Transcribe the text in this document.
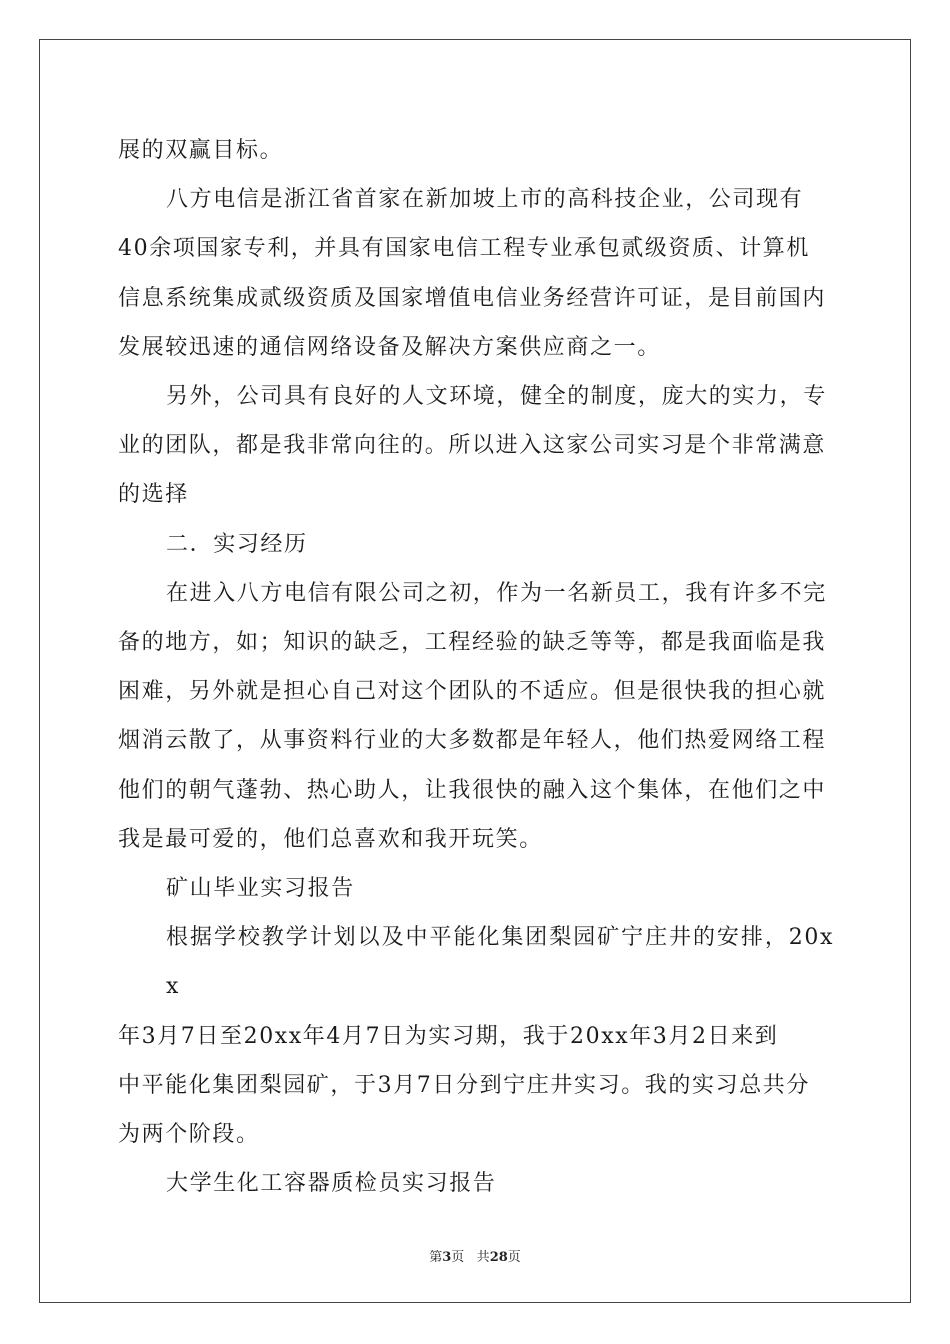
展的双赢目标。

八方电信是浙江省首家在新加坡上市的高科技企业，公司现有
40余项国家专利，并具有国家电信工程专业承包贰级资质、计算机
信息系统集成贰级资质及国家增值电信业务经营许可证，是目前国内
发展较迅速的通信网络设备及解决方案供应商之一。

另外，公司具有良好的人文环境，健全的制度，庞大的实力，专
业的团队，都是我非常向往的。所以进入这家公司实习是个非常满意
的选择

二．实习经历

在进入八方电信有限公司之初，作为一名新员工，我有许多不完
备的地方，如；知识的缺乏，工程经验的缺乏等等，都是我面临是我
困难，另外就是担心自己对这个团队的不适应。但是很快我的担心就
烟消云散了，从事资料行业的大多数都是年轻人，他们热爱网络工程
他们的朝气蓬勃、热心助人，让我很快的融入这个集体，在他们之中
我是最可爱的，他们总喜欢和我开玩笑。

矿山毕业实习报告

根据学校教学计划以及中平能化集团梨园矿宁庄井的安排，20xx
年3月7日至20xx年4月7日为实习期，我于20xx年3月2日来到
中平能化集团梨园矿，于3月7日分到宁庄井实习。我的实习总共分
为两个阶段。

大学生化工容器质检员实习报告

第3页 共28页
